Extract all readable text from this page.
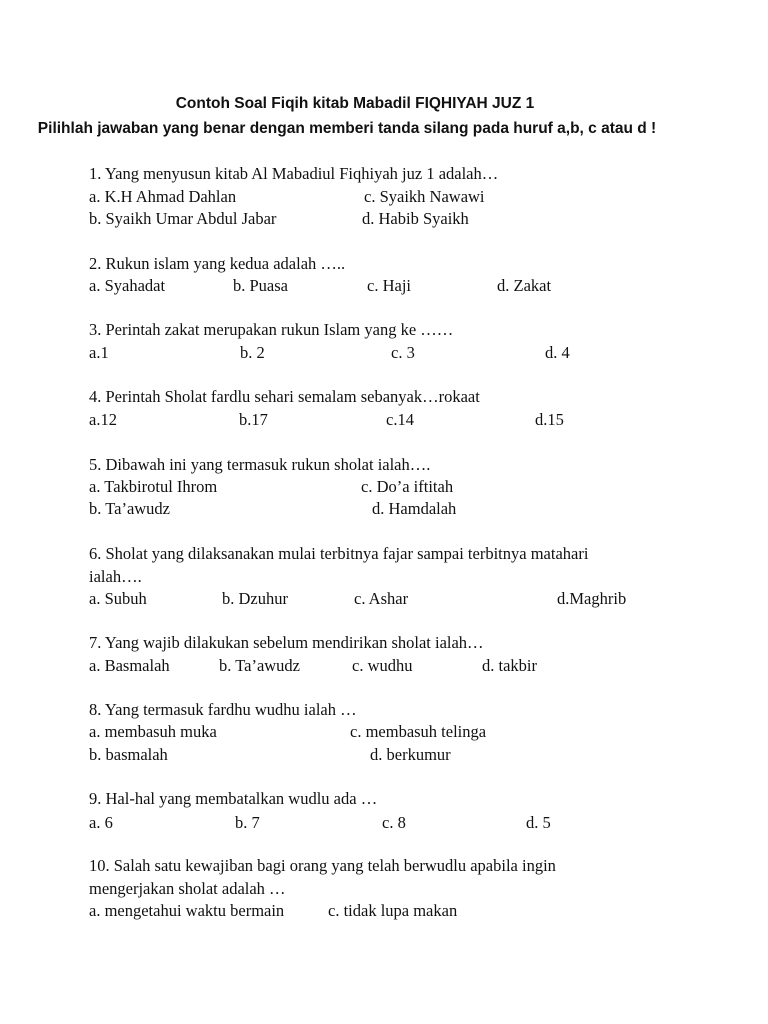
Contoh Soal Fiqih kitab Mabadil FIQHIYAH JUZ 1
Pilihlah jawaban yang benar dengan memberi tanda silang pada huruf a,b, c atau d !
1. Yang menyusun kitab Al Mabadiul Fiqhiyah juz 1 adalah…
a. K.H Ahmad Dahlan	c. Syaikh Nawawi
b. Syaikh Umar Abdul Jabar	d. Habib Syaikh
2. Rukun islam yang kedua adalah …..
a. Syahadat	b. Puasa	c. Haji	d. Zakat
3. Perintah zakat merupakan rukun Islam yang ke ……
a.1	b. 2	c. 3	d. 4
4. Perintah Sholat fardlu sehari semalam sebanyak…rokaat
a.12	b.17	c.14	d.15
5. Dibawah ini yang termasuk rukun sholat ialah….
a. Takbirotul Ihrom	c. Do’a iftitah
b. Ta’awudz	d. Hamdalah
6. Sholat yang dilaksanakan mulai terbitnya fajar sampai terbitnya matahari
ialah….
a. Subuh	b. Dzuhur	c. Ashar	d.Maghrib
7. Yang wajib dilakukan sebelum mendirikan sholat ialah…
a. Basmalah	b. Ta’awudz	c. wudhu	d. takbir
8. Yang termasuk fardhu wudhu ialah …
a. membasuh muka	c. membasuh telinga
b. basmalah	d. berkumur
9. Hal-hal yang membatalkan wudlu ada …
a. 6	b. 7	c. 8	d. 5
10. Salah satu kewajiban bagi orang yang telah berwudlu apabila ingin
mengerjakan sholat adalah …
a. mengetahui waktu bermain	c. tidak lupa makan
